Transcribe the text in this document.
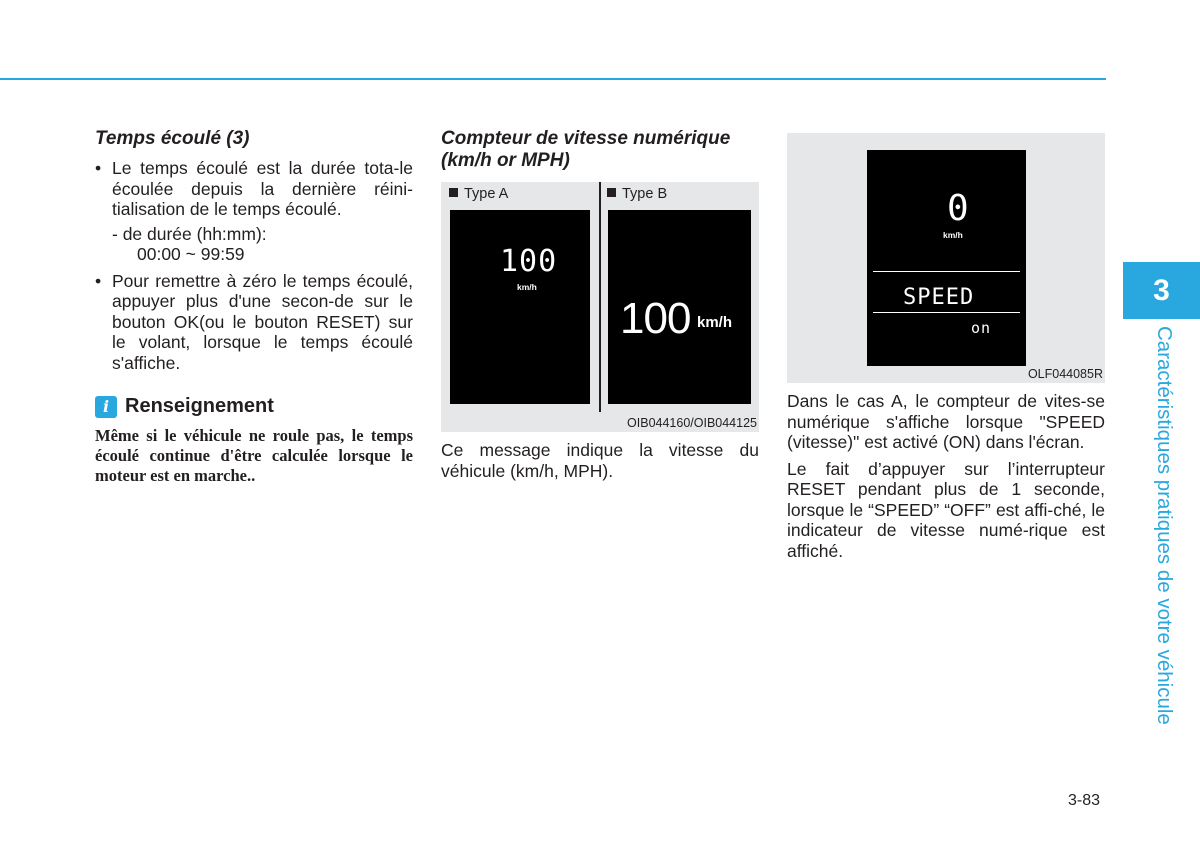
Temps écoulé (3)
• Le temps écoulé est la durée tota-le écoulée depuis la dernière réini-tialisation de le temps écoulé.
- de durée (hh:mm):
00:00 ~ 99:59
• Pour remettre à zéro le temps écoulé, appuyer plus d'une secon-de sur le bouton OK(ou le bouton RESET) sur le volant, lorsque le temps écoulé s'affiche.
i Renseignement
Même si le véhicule ne roule pas, le temps écoulé continue d'être calculée lorsque le moteur est en marche..
Compteur de vitesse numérique (km/h or MPH)
Type A	Type B
100
km/h
100 km/h
OIB044160/OIB044125
Ce message indique la vitesse du véhicule (km/h, MPH).
0
km/h
SPEED
on
OLF044085R
Dans le cas A, le compteur de vites-se numérique s'affiche lorsque "SPEED (vitesse)" est activé (ON) dans l'écran.
Le fait d’appuyer sur l’interrupteur RESET pendant plus de 1 seconde, lorsque le “SPEED” “OFF” est affi-ché, le indicateur de vitesse numé-rique est affiché.
3
Caractéristiques pratiques de votre véhicule
3-83
